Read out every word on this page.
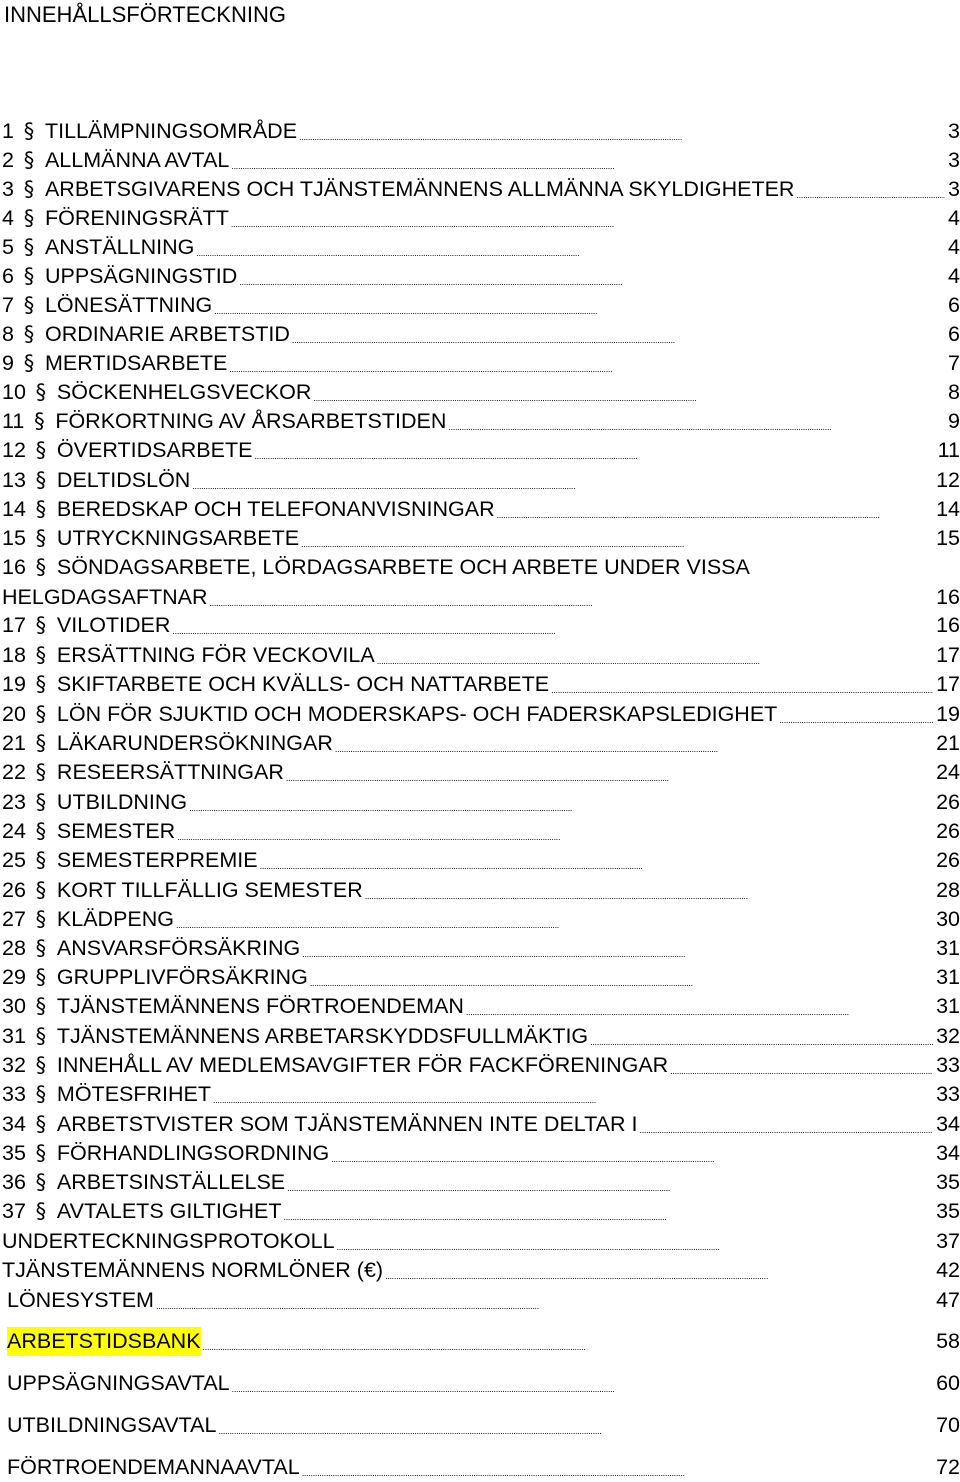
INNEHÅLLSFÖRTECKNING
1 § TILLÄMPNINGSOMRÅDE . . .	3
2 § ALLMÄNNA AVTAL . . .	3
3 § ARBETSGIVARENS OCH TJÄNSTEMÄNNENS ALLMÄNNA SKYLDIGHETER . . .	3
4 § FÖRENINGSRÄTT . . .	4
5 § ANSTÄLLNING . . .	4
6 § UPPSÄGNINGSTID . . .	4
7 § LÖNESÄTTNING . . .	6
8 § ORDINARIE ARBETSTID . . .	6
9 § MERTIDSARBETE . . .	7
10 § SÖCKENHELGSVECKOR . . .	8
11 § FÖRKORTNING AV ÅRSARBETSTIDEN . . .	9
12 § ÖVERTIDSARBETE . . .	11
13 § DELTIDSLÖN . . .	12
14 § BEREDSKAP OCH TELEFONANVISNINGAR . . .	14
15 § UTRYCKNINGSARBETE . . .	15
16 § SÖNDAGSARBETE, LÖRDAGSARBETE OCH ARBETE UNDER VISSA
HELGDAGSAFTNAR . . .	16
17 § VILOTIDER . . .	16
18 § ERSÄTTNING FÖR VECKOVILA . . .	17
19 § SKIFTARBETE OCH KVÄLLS- OCH NATTARBETE . . .	17
20 § LÖN FÖR SJUKTID OCH MODERSKAPS- OCH FADERSKAPSLEDIGHET . . .	19
21 § LÄKARUNDERSÖKNINGAR . . .	21
22 § RESEERSÄTTNINGAR . . .	24
23 § UTBILDNING . . .	26
24 § SEMESTER . . .	26
25 § SEMESTERPREMIE . . .	26
26 § KORT TILLFÄLLIG SEMESTER . . .	28
27 § KLÄDPENG . . .	30
28 § ANSVARSFÖRSÄKRING . . .	31
29 § GRUPPLIVFÖRSÄKRING . . .	31
30 § TJÄNSTEMÄNNENS FÖRTROENDEMAN . . .	31
31 § TJÄNSTEMÄNNENS ARBETARSKYDDSFULLMÄKTIG . . .	32
32 § INNEHÅLL AV MEDLEMSAVGIFTER FÖR FACKFÖRENINGAR . . .	33
33 § MÖTESFRIHET . . .	33
34 § ARBETSTVISTER SOM TJÄNSTEMÄNNEN INTE DELTAR I . . .	34
35 § FÖRHANDLINGSORDNING . . .	34
36 § ARBETSINSTÄLLELSE . . .	35
37 § AVTALETS GILTIGHET . . .	35
UNDERTECKNINGSPROTOKOLL . . .	37
TJÄNSTEMÄNNENS NORMLÖNER (€) . . .	42
LÖNESYSTEM . . .	47
ARBETSTIDSBANK . . .	58
UPPSÄGNINGSAVTAL . . .	60
UTBILDNINGSAVTAL . . .	70
FÖRTROENDEMANNAAVTAL . . .	72
